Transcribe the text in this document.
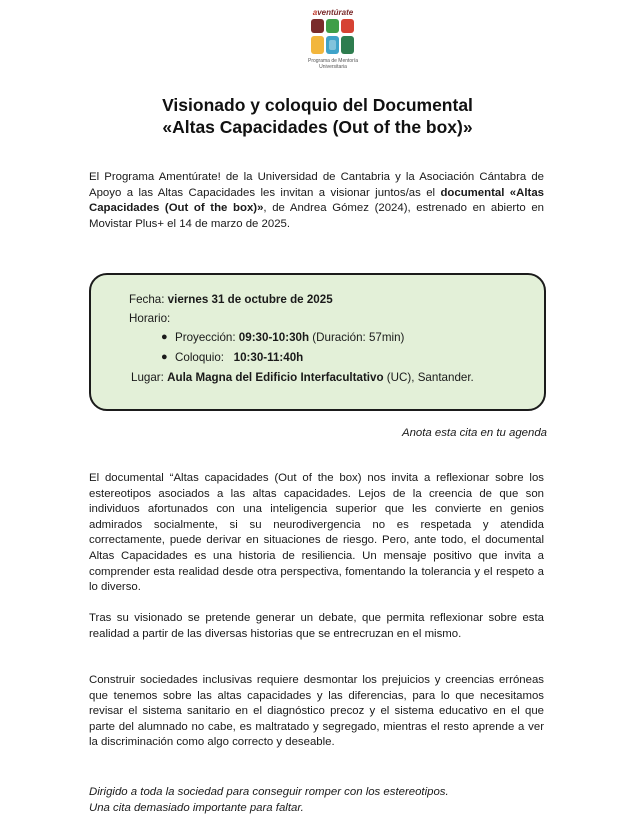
aventúrate
Programa de Mentoría Universitaria
Visionado y coloquio del Documental
«Altas Capacidades (Out of the box)»

El Programa Amentúrate! de la Universidad de Cantabria y la Asociación Cántabra de Apoyo a las Altas Capacidades les invitan a visionar juntos/as el documental «Altas Capacidades (Out of the box)», de Andrea Gómez (2024), estrenado en abierto en Movistar Plus+ el 14 de marzo de 2025.

Fecha: viernes 31 de octubre de 2025
Horario:
● Proyección: 09:30-10:30h (Duración: 57min)
● Coloquio:   10:30-11:40h
Lugar: Aula Magna del Edificio Interfacultativo (UC), Santander.
Anota esta cita en tu agenda

El documental “Altas capacidades (Out of the box) nos invita a reflexionar sobre los estereotipos asociados a las altas capacidades. Lejos de la creencia de que son individuos afortunados con una inteligencia superior que les convierte en genios admirados socialmente, si su neurodivergencia no es respetada y atendida correctamente, puede derivar en situaciones de riesgo. Pero, ante todo, el documental Altas Capacidades es una historia de resiliencia. Un mensaje positivo que invita a comprender esta realidad desde otra perspectiva, fomentando la tolerancia y el respeto a lo diverso.

Tras su visionado se pretende generar un debate, que permita reflexionar sobre esta realidad a partir de las diversas historias que se entrecruzan en el mismo.

Construir sociedades inclusivas requiere desmontar los prejuicios y creencias erróneas que tenemos sobre las altas capacidades y las diferencias, para lo que necesitamos revisar el sistema sanitario en el diagnóstico precoz y el sistema educativo en el que parte del alumnado no cabe, es maltratado y segregado, mientras el resto aprende a ver la discriminación como algo correcto y deseable.

Dirigido a toda la sociedad para conseguir romper con los estereotipos.
Una cita demasiado importante para faltar.
